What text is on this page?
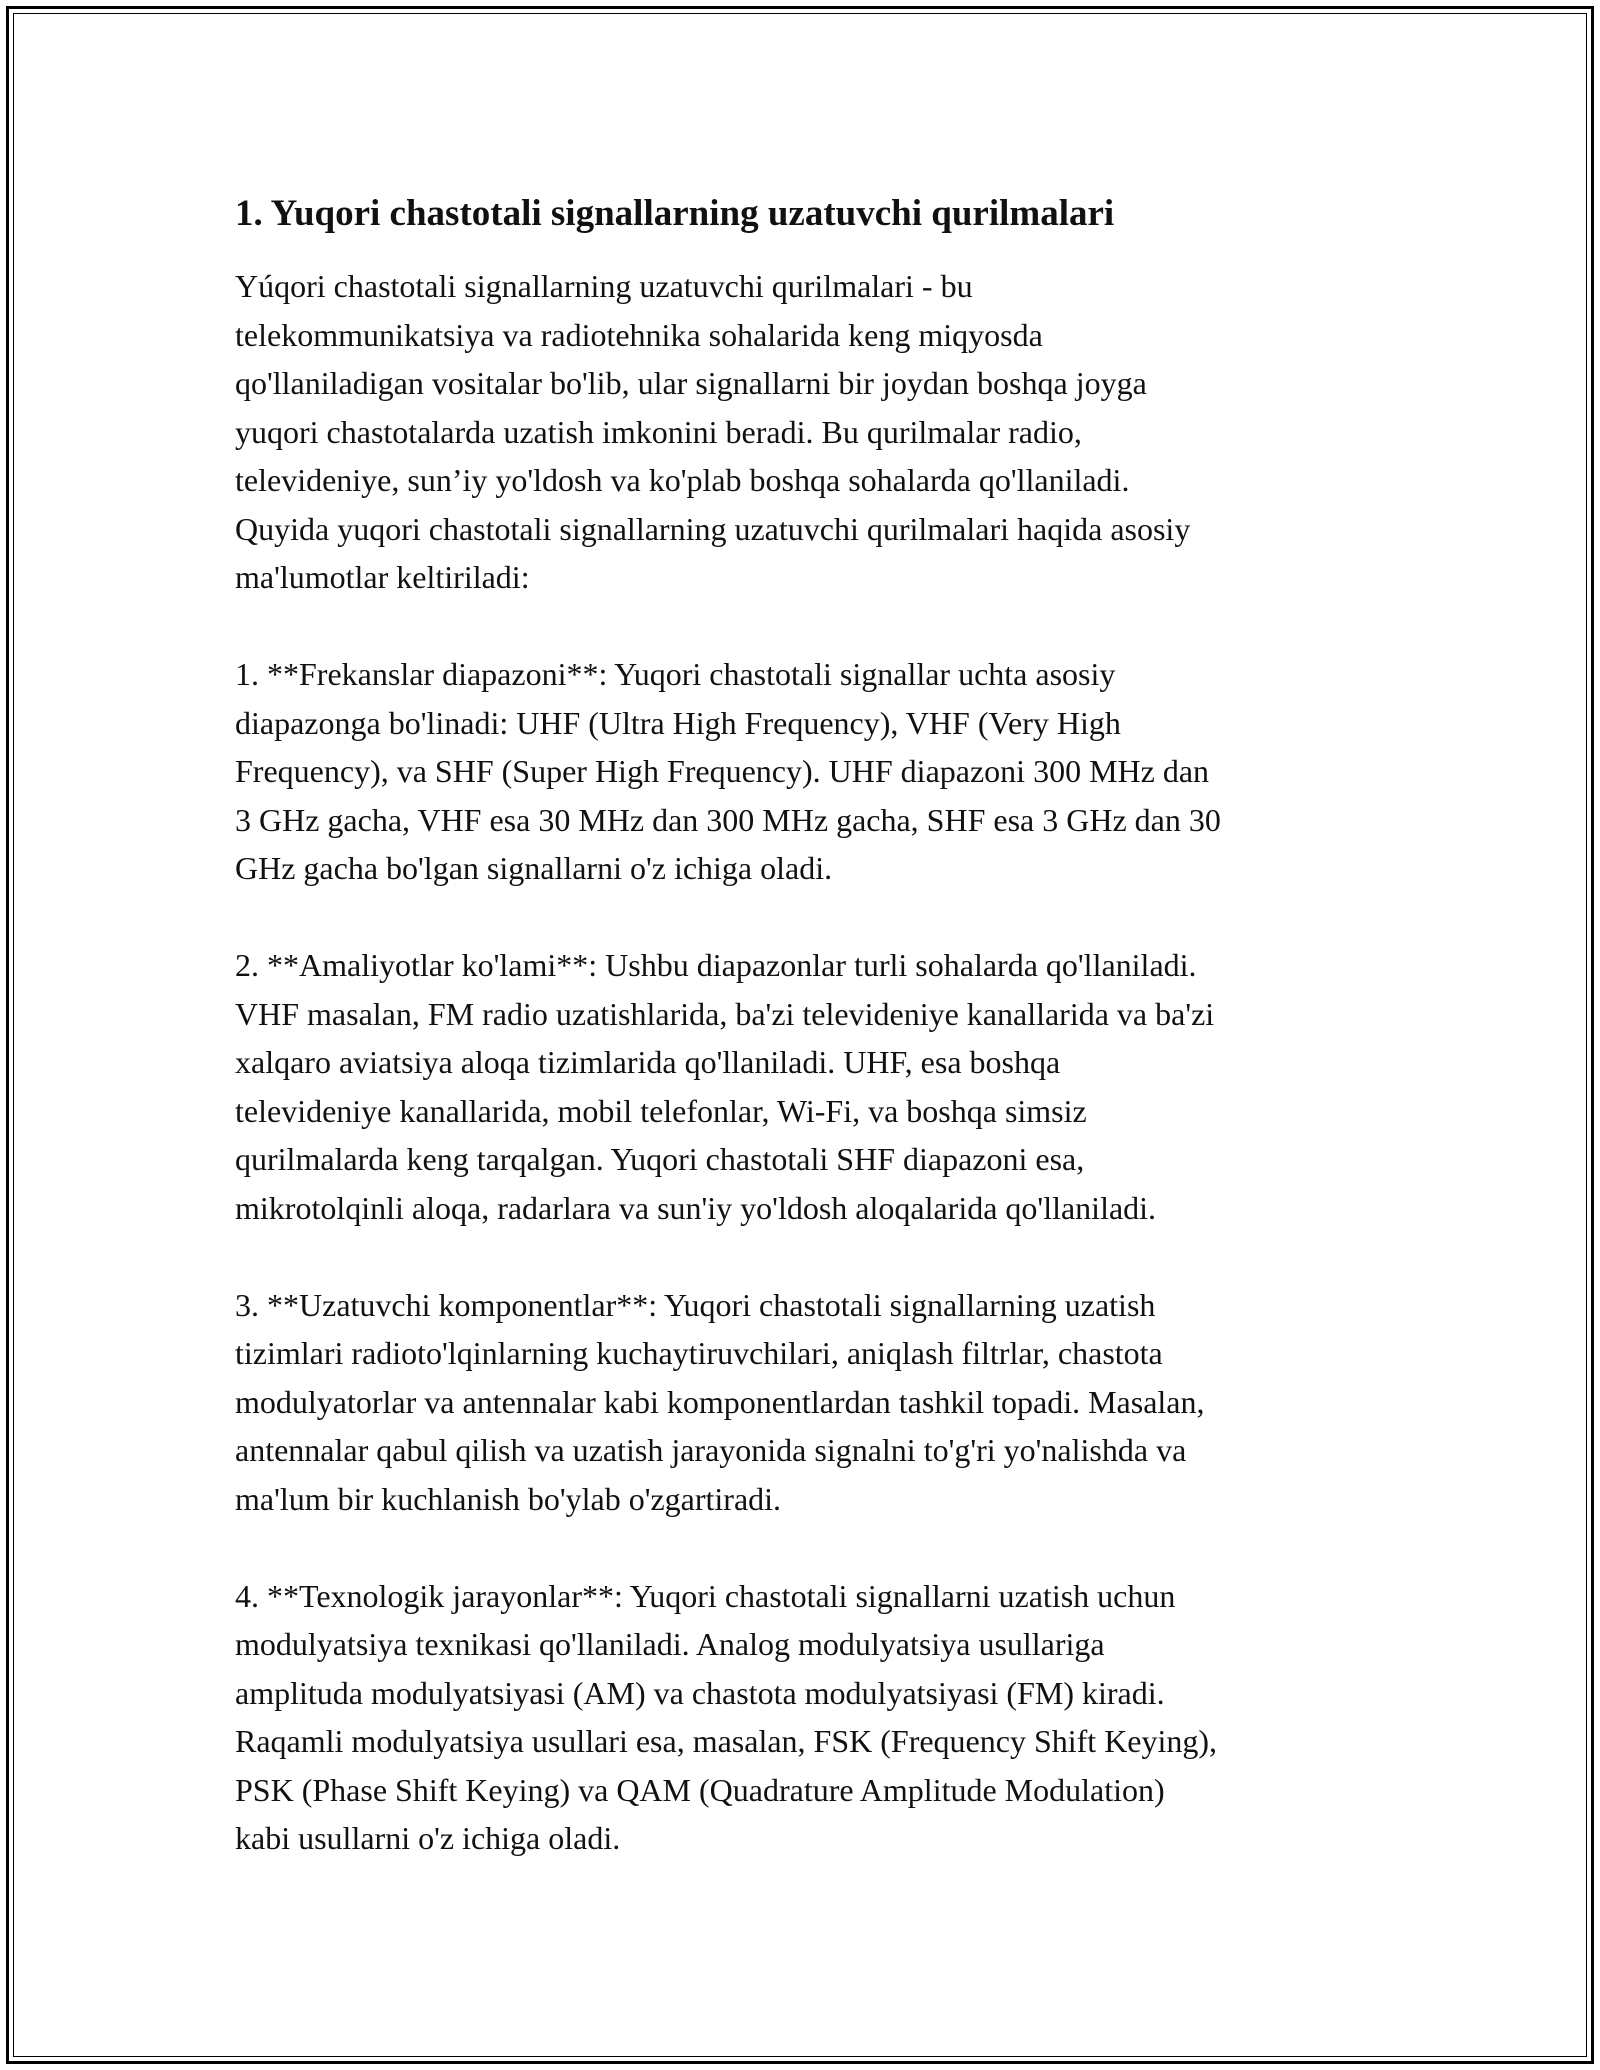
1. Yuqori chastotali signallarning uzatuvchi qurilmalari

Yúqori chastotali signallarning uzatuvchi qurilmalari - bu
telekommunikatsiya va radiotehnika sohalarida keng miqyosda
qo'llaniladigan vositalar bo'lib, ular signallarni bir joydan boshqa joyga
yuqori chastotalarda uzatish imkonini beradi. Bu qurilmalar radio,
televideniye, sun’iy yo'ldosh va ko'plab boshqa sohalarda qo'llaniladi.
Quyida yuqori chastotali signallarning uzatuvchi qurilmalari haqida asosiy
ma'lumotlar keltiriladi:

1. **Frekanslar diapazoni**: Yuqori chastotali signallar uchta asosiy
diapazonga bo'linadi: UHF (Ultra High Frequency), VHF (Very High
Frequency), va SHF (Super High Frequency). UHF diapazoni 300 MHz dan
3 GHz gacha, VHF esa 30 MHz dan 300 MHz gacha, SHF esa 3 GHz dan 30
GHz gacha bo'lgan signallarni o'z ichiga oladi.

2. **Amaliyotlar ko'lami**: Ushbu diapazonlar turli sohalarda qo'llaniladi.
VHF masalan, FM radio uzatishlarida, ba'zi televideniye kanallarida va ba'zi
xalqaro aviatsiya aloqa tizimlarida qo'llaniladi. UHF, esa boshqa
televideniye kanallarida, mobil telefonlar, Wi-Fi, va boshqa simsiz
qurilmalarda keng tarqalgan. Yuqori chastotali SHF diapazoni esa,
mikrotolqinli aloqa, radarlara va sun'iy yo'ldosh aloqalarida qo'llaniladi.

3. **Uzatuvchi komponentlar**: Yuqori chastotali signallarning uzatish
tizimlari radioto'lqinlarning kuchaytiruvchilari, aniqlash filtrlar, chastota
modulyatorlar va antennalar kabi komponentlardan tashkil topadi. Masalan,
antennalar qabul qilish va uzatish jarayonida signalni to'g'ri yo'nalishda va
ma'lum bir kuchlanish bo'ylab o'zgartiradi.

4. **Texnologik jarayonlar**: Yuqori chastotali signallarni uzatish uchun
modulyatsiya texnikasi qo'llaniladi. Analog modulyatsiya usullariga
amplituda modulyatsiyasi (AM) va chastota modulyatsiyasi (FM) kiradi.
Raqamli modulyatsiya usullari esa, masalan, FSK (Frequency Shift Keying),
PSK (Phase Shift Keying) va QAM (Quadrature Amplitude Modulation)
kabi usullarni o'z ichiga oladi.
